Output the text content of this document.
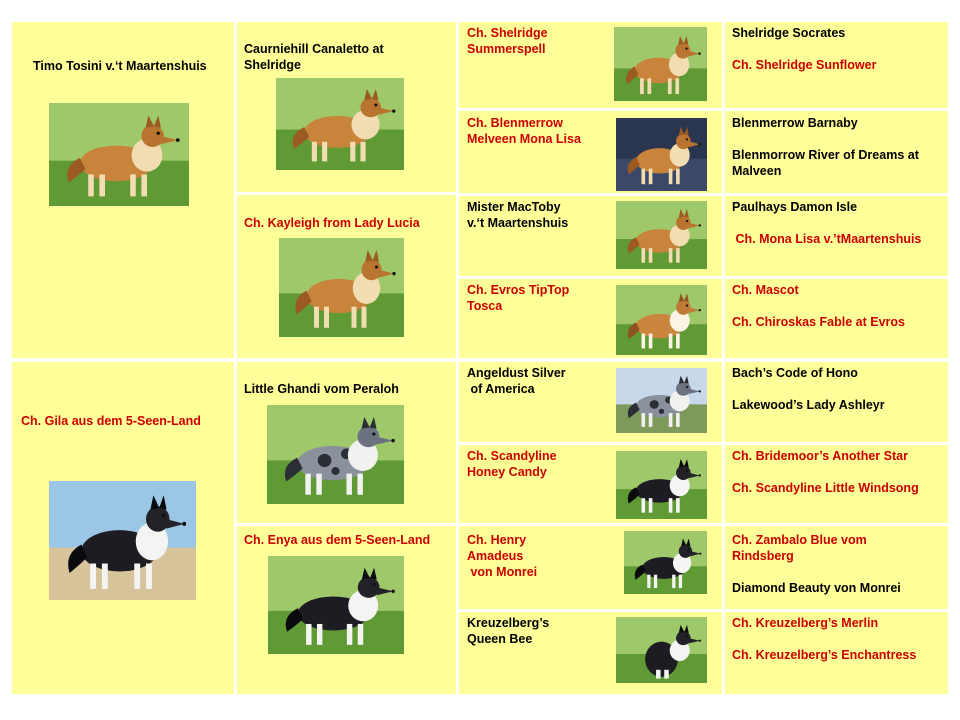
Timo Tosini v.‘t Maartenshuis
Ch. Gila aus dem 5-Seen-Land
Caurniehill Canaletto at
Shelridge
Ch. Kayleigh from Lady Lucia
Little Ghandi vom Peraloh
Ch. Enya aus dem 5-Seen-Land
Ch. Shelridge
Summerspell
Ch. Blenmerrow
Melveen Mona Lisa
Mister MacToby
v.‘t Maartenshuis
Ch. Evros TipTop
Tosca
Angeldust Silver
of America
Ch. Scandyline
Honey Candy
Ch. Henry
Amadeus
von Monrei
Kreuzelberg’s
Queen Bee
Shelridge Socrates
Ch. Shelridge Sunflower
Blenmerrow Barnaby
Blenmorrow River of Dreams at
Malveen
Paulhays Damon Isle
Ch. Mona Lisa v.’tMaartenshuis
Ch. Mascot
Ch. Chiroskas Fable at Evros
Bach’s Code of Hono
Lakewood’s Lady Ashleyr
Ch. Bridemoor’s Another Star
Ch. Scandyline Little Windsong
Ch. Zambalo Blue vom
Rindsberg
Diamond Beauty von Monrei
Ch. Kreuzelberg’s Merlin
Ch. Kreuzelberg’s Enchantress
